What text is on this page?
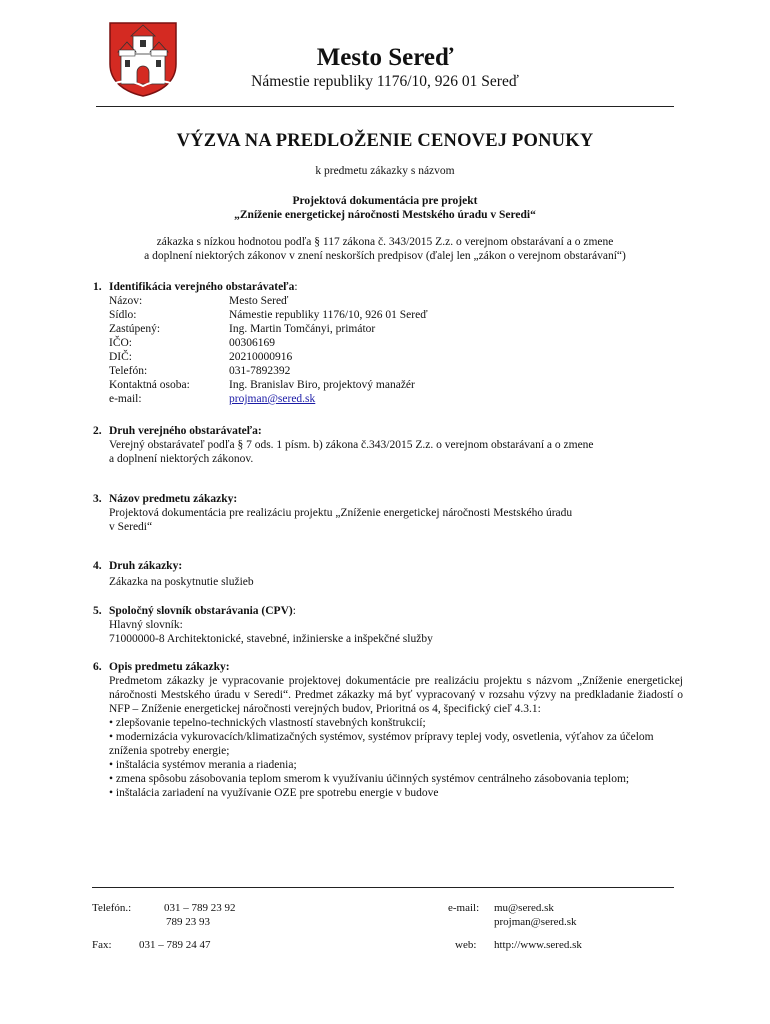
Mesto Sereď
Námestie republiky 1176/10, 926 01 Sereď
VÝZVA NA PREDLOŽENIE CENOVEJ PONUKY
k predmetu zákazky s názvom
Projektová dokumentácia pre projekt
„Zníženie energetickej náročnosti Mestského úradu v Seredi“
zákazka s nízkou hodnotou podľa § 117 zákona č. 343/2015 Z.z. o verejnom obstarávaní a o zmene
a doplnení niektorých zákonov v znení neskorších predpisov (ďalej len „zákon o verejnom obstarávaní“)
1. Identifikácia verejného obstarávateľa:
Názov:	Mesto Sereď
Sídlo:	Námestie republiky 1176/10, 926 01 Sereď
Zastúpený:	Ing. Martin Tomčányi, primátor
IČO:	00306169
DIČ:	20210000916
Telefón:	031-7892392
Kontaktná osoba:	Ing. Branislav Biro, projektový manažér
e-mail:	projman@sered.sk
2. Druh verejného obstarávateľa:
Verejný obstarávateľ podľa § 7 ods. 1 písm. b) zákona č.343/2015 Z.z. o verejnom obstarávaní a o zmene
a doplnení niektorých zákonov.
3. Názov predmetu zákazky:
Projektová dokumentácia pre realizáciu projektu „Zníženie energetickej náročnosti Mestského úradu
v Seredi“
4. Druh zákazky:
Zákazka na poskytnutie služieb
5. Spoločný slovník obstarávania (CPV):
Hlavný slovník:
71000000-8 Architektonické, stavebné, inžinierske a inšpekčné služby
6. Opis predmetu zákazky:
Predmetom zákazky je vypracovanie projektovej dokumentácie pre realizáciu projektu s názvom „Zníženie energetickej náročnosti Mestského úradu v Seredi“. Predmet zákazky má byť vypracovaný v rozsahu výzvy na predkladanie žiadostí o NFP – Zníženie energetickej náročnosti verejných budov, Prioritná os 4, špecifický cieľ 4.3.1:
• zlepšovanie tepelno-technických vlastností stavebných konštrukcií;
• modernizácia vykurovacích/klimatizačných systémov, systémov prípravy teplej vody, osvetlenia, výťahov za účelom zníženia spotreby energie;
• inštalácia systémov merania a riadenia;
• zmena spôsobu zásobovania teplom smerom k využívaniu účinných systémov centrálneho zásobovania teplom;
• inštalácia zariadení na využívanie OZE pre spotrebu energie v budove
Telefón.:	031 – 789 23 92
789 23 93
Fax: 031 – 789 24 47
e-mail: mu@sered.sk
projman@sered.sk
web: http://www.sered.sk
